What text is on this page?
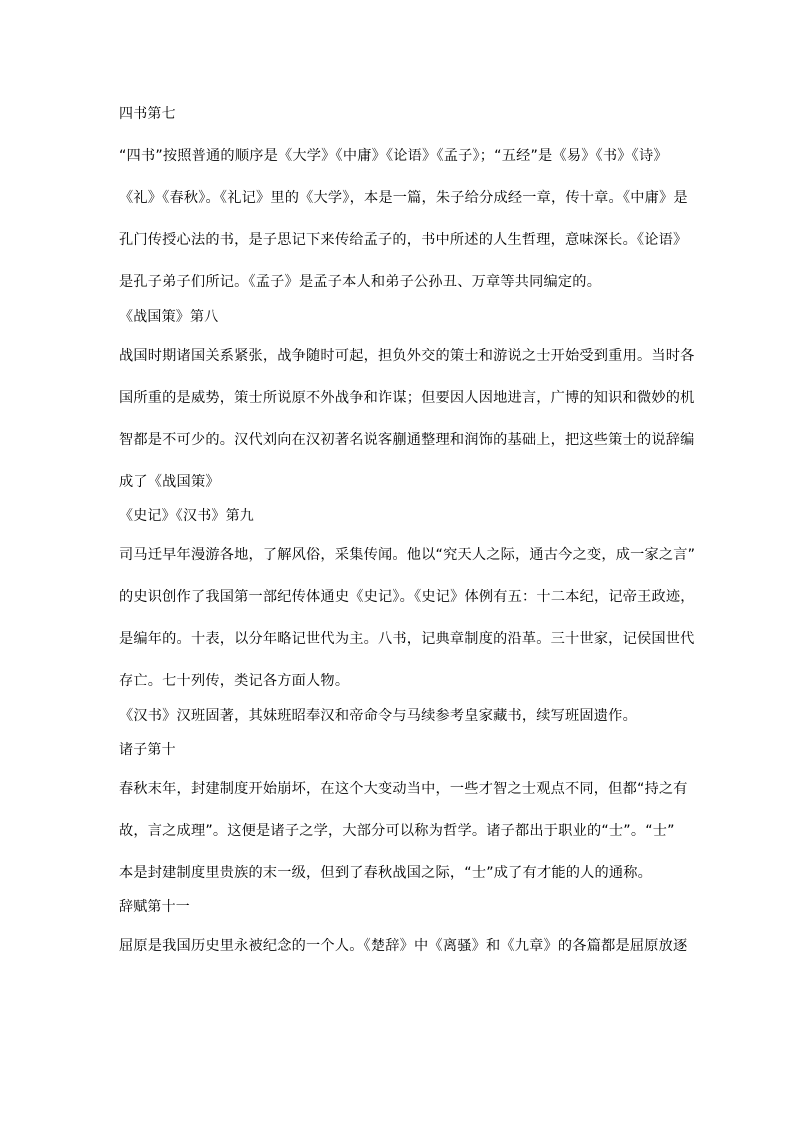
四书第七
“四书”按照普通的顺序是《大学》《中庸》《论语》《孟子》；“五经”是《易》《书》《诗》
《礼》《春秋》。《礼记》里的《大学》，本是一篇，朱子给分成经一章，传十章。《中庸》是
孔门传授心法的书，是子思记下来传给孟子的，书中所述的人生哲理，意味深长。《论语》
是孔子弟子们所记。《孟子》是孟子本人和弟子公孙丑、万章等共同编定的。
《战国策》第八
战国时期诸国关系紧张，战争随时可起，担负外交的策士和游说之士开始受到重用。当时各
国所重的是威势，策士所说原不外战争和诈谋；但要因人因地进言，广博的知识和微妙的机
智都是不可少的。汉代刘向在汉初著名说客蒯通整理和润饰的基础上，把这些策士的说辞编
成了《战国策》
《史记》《汉书》第九
司马迁早年漫游各地，了解风俗，采集传闻。他以“究天人之际，通古今之变，成一家之言”
的史识创作了我国第一部纪传体通史《史记》。《史记》体例有五：十二本纪，记帝王政迹，
是编年的。十表，以分年略记世代为主。八书，记典章制度的沿革。三十世家，记侯国世代
存亡。七十列传，类记各方面人物。
《汉书》汉班固著，其妹班昭奉汉和帝命令与马续参考皇家藏书，续写班固遗作。
诸子第十
春秋末年，封建制度开始崩坏，在这个大变动当中，一些才智之士观点不同，但都“持之有
故，言之成理”。这便是诸子之学，大部分可以称为哲学。诸子都出于职业的“士”。“士”
本是封建制度里贵族的末一级，但到了春秋战国之际，“士”成了有才能的人的通称。
辞赋第十一
屈原是我国历史里永被纪念的一个人。《楚辞》中《离骚》和《九章》的各篇都是屈原放逐
